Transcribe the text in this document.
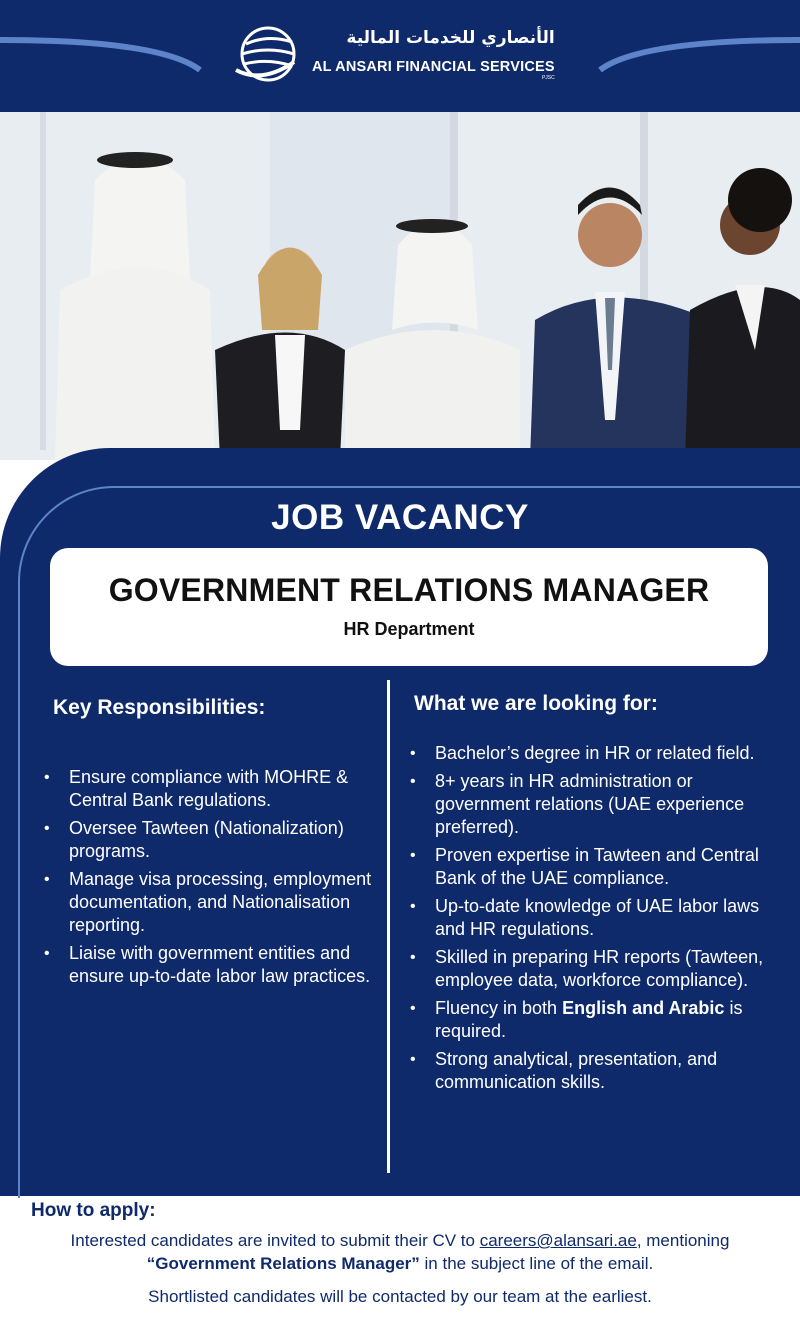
الأنصاري للخدمات المالية
AL ANSARI FINANCIAL SERVICES
PJSC
JOB VACANCY
GOVERNMENT RELATIONS MANAGER
HR Department
Key Responsibilities:	What we are looking for:
• Ensure compliance with MOHRE & Central Bank regulations.
• Oversee Tawteen (Nationalization) programs.
• Manage visa processing, employment documentation, and Nationalisation reporting.
• Liaise with government entities and ensure up-to-date labor law practices.
• Bachelor’s degree in HR or related field.
• 8+ years in HR administration or government relations (UAE experience preferred).
• Proven expertise in Tawteen and Central Bank of the UAE compliance.
• Up-to-date knowledge of UAE labor laws and HR regulations.
• Skilled in preparing HR reports (Tawteen, employee data, workforce compliance).
• Fluency in both English and Arabic is required.
• Strong analytical, presentation, and communication skills.
How to apply:
Interested candidates are invited to submit their CV to careers@alansari.ae, mentioning
“Government Relations Manager” in the subject line of the email.
Shortlisted candidates will be contacted by our team at the earliest.
